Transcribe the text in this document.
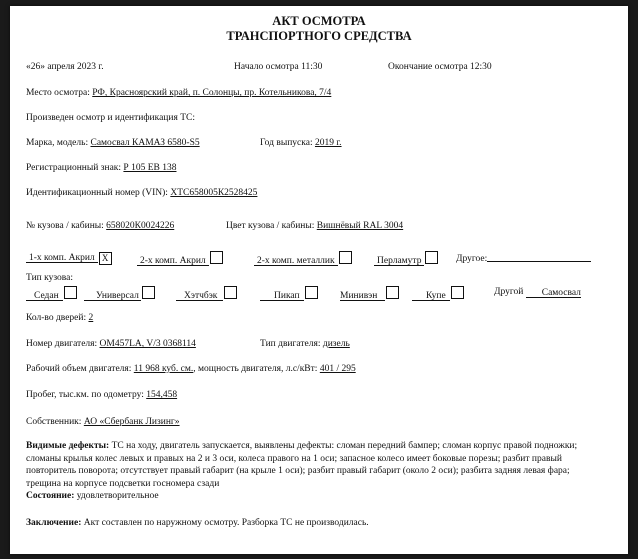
АКТ ОСМОТРА
ТРАНСПОРТНОГО СРЕДСТВА
«26» апреля 2023 г.	Начало осмотра 11:30	Окончание осмотра 12:30
Место осмотра: РФ, Красноярский край, п. Солонцы, пр. Котельникова, 7/4
Произведен осмотр и идентификация ТС:
Марка, модель: Самосвал КАМАЗ 6580-S5	Год выпуска: 2019 г.
Регистрационный знак: Р 105 ЕВ 138
Идентификационный номер (VIN): ХТС658005К2528425
№ кузова / кабины: 658020К0024226	Цвет кузова / кабины: Вишнёвый RAL 3004
1-х комп. Акрил X	2-х комп. Акрил	2-х комп. металлик	Перламутр	Другое:
Тип кузова:
Седан	Универсал	Хэтчбэк	Пикап	Минивэн	Купе	Другой Самосвал
Кол-во дверей: 2
Номер двигателя: ОМ457LA, V/3 0368114	Тип двигателя: дизель
Рабочий объем двигателя: 11 968 куб. см., мощность двигателя, л.с/кВт: 401 / 295
Пробег, тыс.км. по одометру: 154,458
Собственник: АО «Сбербанк Лизинг»
Видимые дефекты: ТС на ходу, двигатель запускается, выявлены дефекты: сломан передний бампер; сломан корпус правой подножки; сломаны крылья колес левых и правых на 2 и 3 оси, колеса правого на 1 оси; запасное колесо имеет боковые порезы; разбит правый повторитель поворота; отсутствует правый габарит (на крыле 1 оси); разбит правый габарит (около 2 оси); разбита задняя левая фара; трещина на корпусе подсветки госномера сзади
Состояние: удовлетворительное
Заключение: Акт составлен по наружному осмотру. Разборка ТС не производилась.
